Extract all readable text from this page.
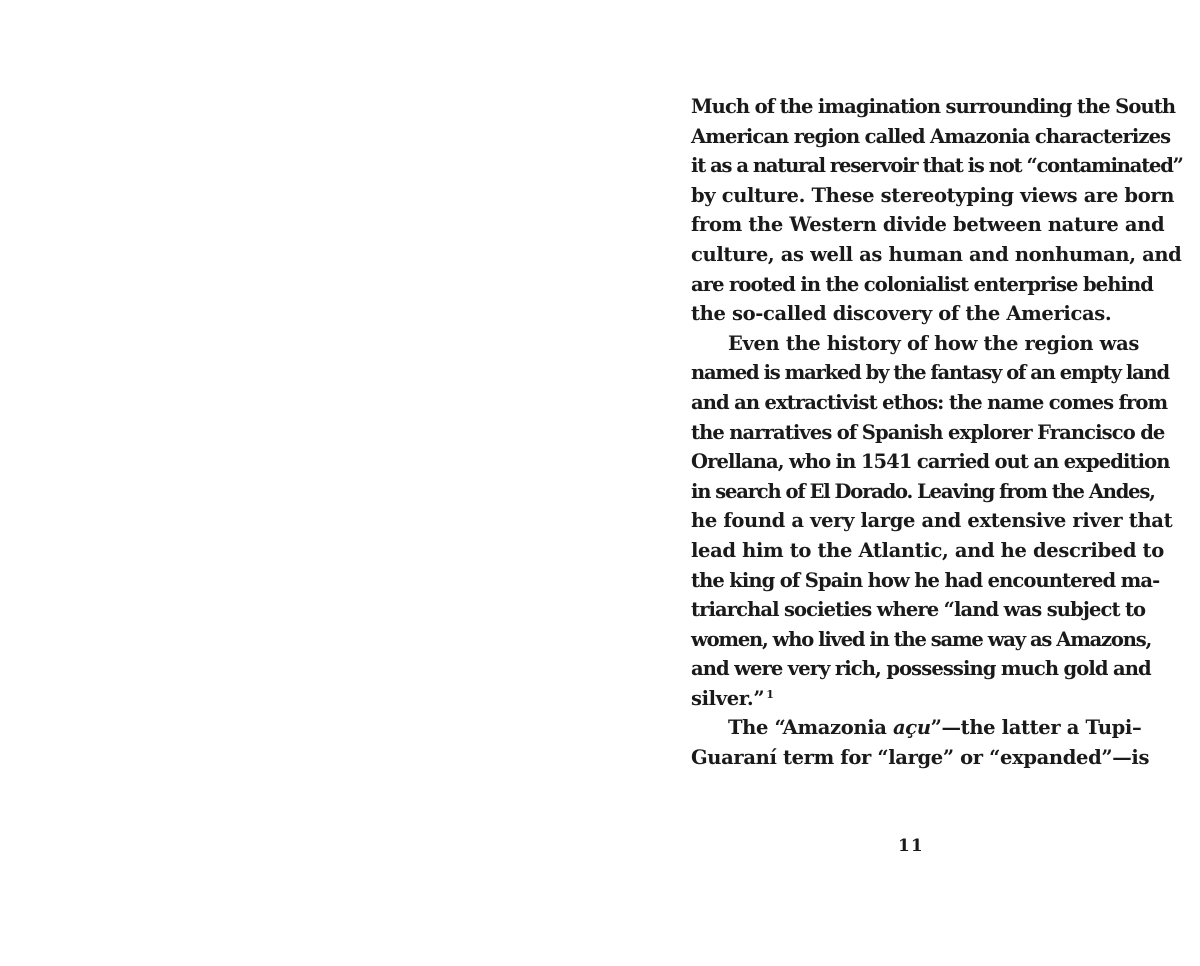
Much of the imagination surrounding the South
American region called Amazonia characterizes
it as a natural reservoir that is not “contaminated”
by culture. These stereotyping views are born
from the Western divide between nature and
culture, as well as human and nonhuman, and
are rooted in the colonialist enterprise behind
the so-called discovery of the Americas.
Even the history of how the region was
named is marked by the fantasy of an empty land
and an extractivist ethos: the name comes from
the narratives of Spanish explorer Francisco de
Orellana, who in 1541 carried out an expedition
in search of El Dorado. Leaving from the Andes,
he found a very large and extensive river that
lead him to the Atlantic, and he described to
the king of Spain how he had encountered ma-
triarchal societies where “land was subject to
women, who lived in the same way as Amazons,
and were very rich, possessing much gold and
silver.” $^1$
The “Amazonia açu”—the latter a Tupi–
Guaraní term for “large” or “expanded”—is
11
